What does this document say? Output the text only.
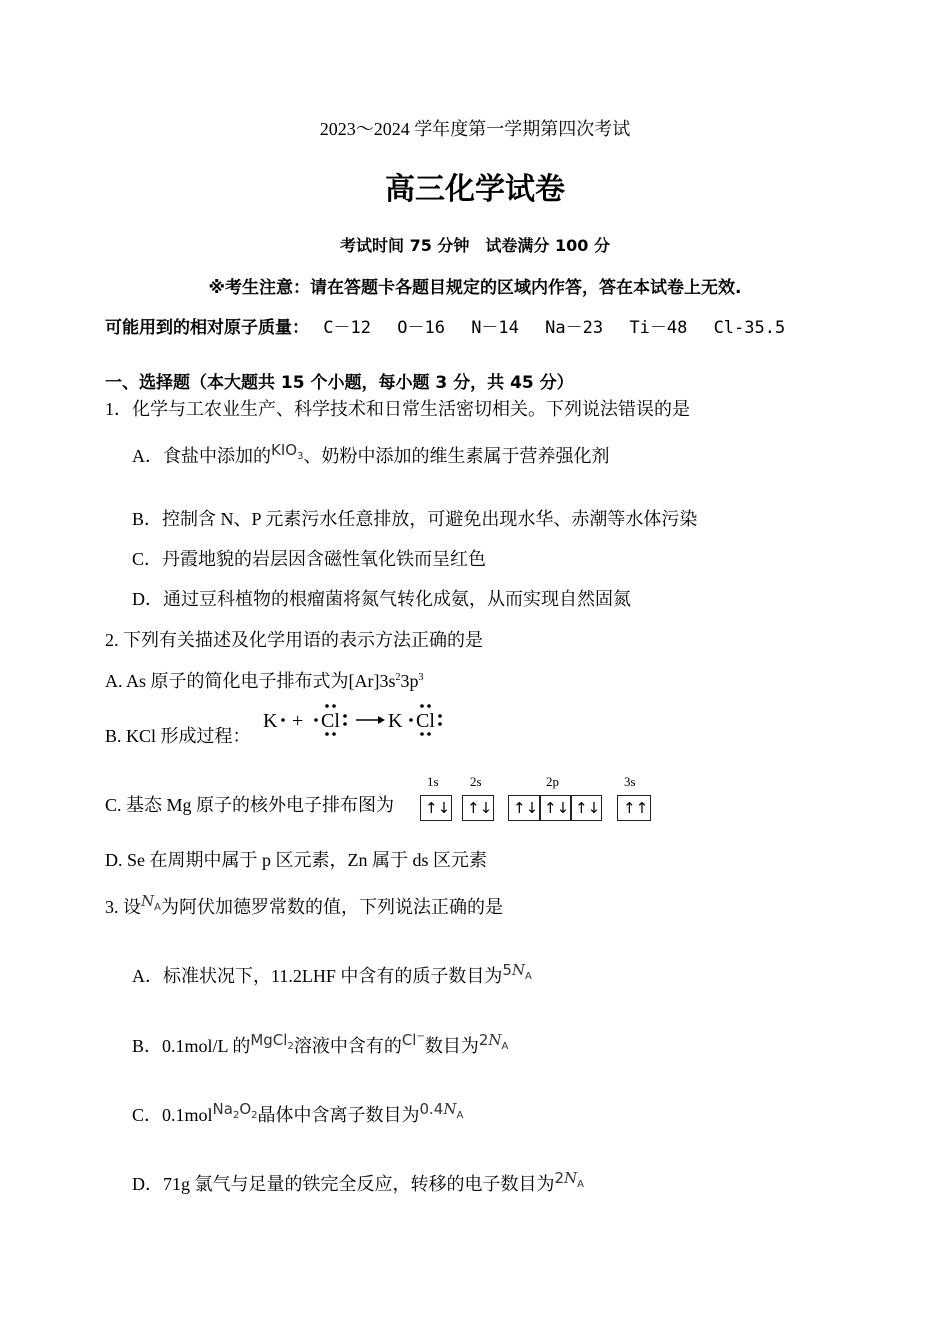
2023～2024 学年度第一学期第四次考试
高三化学试卷
考试时间 75 分钟　试卷满分 100 分
※考生注意：请在答题卡各题目规定的区域内作答，答在本试卷上无效.
可能用到的相对原子质量： C－12 O－16 N－14 Na－23 Ti－48 Cl-35.5
一、选择题（本大题共 15 个小题，每小题 3 分，共 45 分）
1．化学与工农业生产、科学技术和日常生活密切相关。下列说法错误的是
A．食盐中添加的$^{KIO_3}$、奶粉中添加的维生素属于营养强化剂
B．控制含 N、P 元素污水任意排放，可避免出现水华、赤潮等水体污染
C．丹霞地貌的岩层因含磁性氧化铁而呈红色
D．通过豆科植物的根瘤菌将氮气转化成氨，从而实现自然固氮
2. 下列有关描述及化学用语的表示方法正确的是
A. As 原子的简化电子排布式为$[Ar]3s^23p^3$
B. KCl 形成过程：
K + Cl K Cl
C. 基态 Mg 原子的核外电子排布图为
1s 2s	2p	3s
↑↓ ↑↓ ↑↓ ↑↓ ↑↓ ↑↑
D. Se 在周期中属于 p 区元素，Zn 属于 ds 区元素
3. 设$^{N_A}$为阿伏加德罗常数的值，下列说法正确的是
A．标准状况下，11.2LHF 中含有的质子数目为$^{5N_A}$
B．0.1mol/L 的$^{MgCl_2}$溶液中含有的$^{Cl^-}$数目为$^{2N_A}$
C．0.1mol$^{Na_2O_2}$晶体中含离子数目为$^{0.4N_A}$
D．71g 氯气与足量的铁完全反应，转移的电子数目为$^{2N_A}$
